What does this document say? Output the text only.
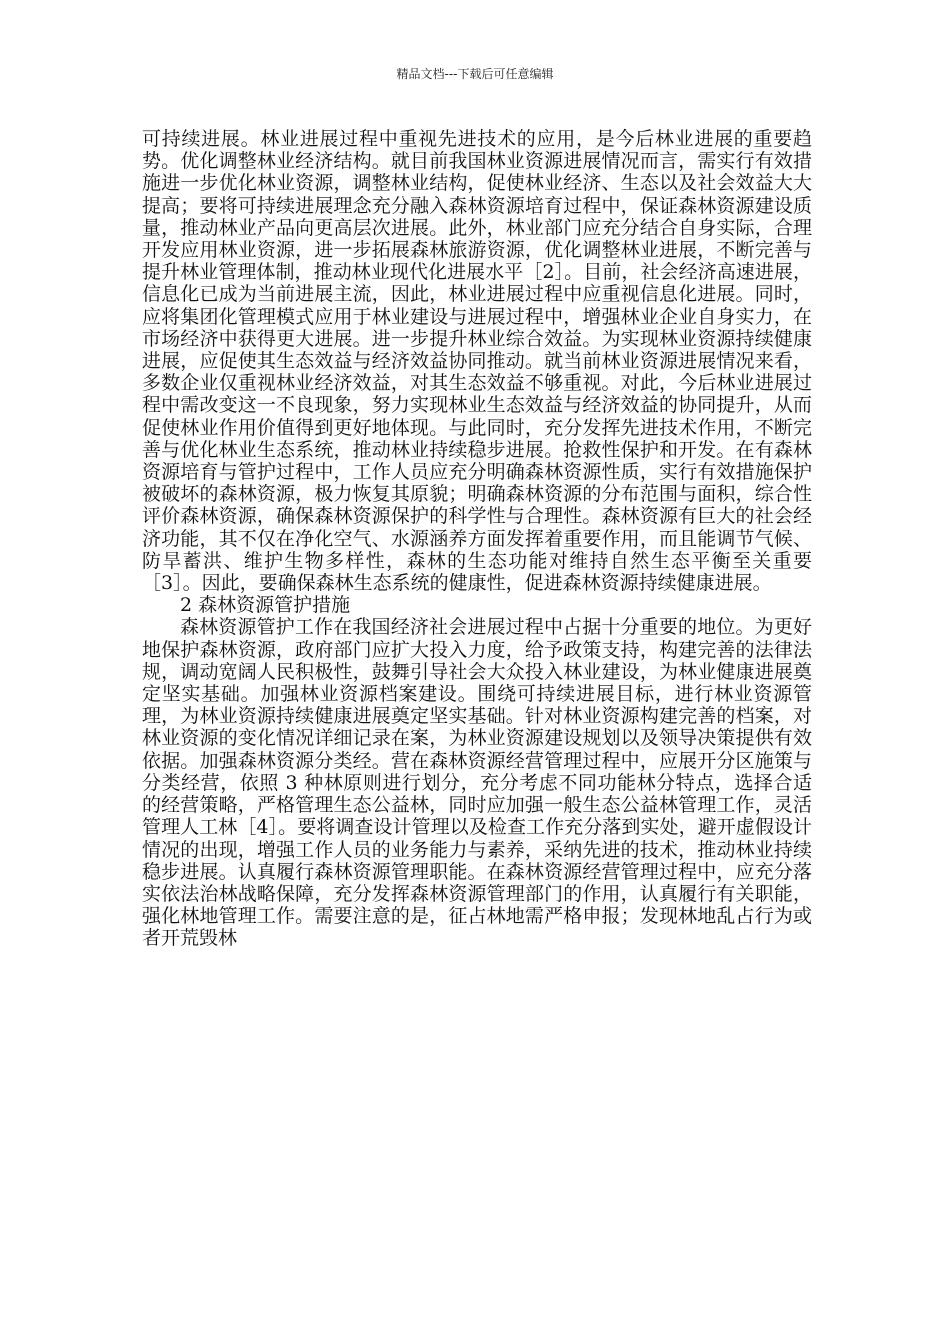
精品文档---下载后可任意编辑

可持续进展。林业进展过程中重视先进技术的应用，是今后林业进展的重要趋势。优化调整林业经济结构。就目前我国林业资源进展情况而言，需实行有效措施进一步优化林业资源，调整林业结构，促使林业经济、生态以及社会效益大大提高；要将可持续进展理念充分融入森林资源培育过程中，保证森林资源建设质量，推动林业产品向更高层次进展。此外，林业部门应充分结合自身实际，合理开发应用林业资源，进一步拓展森林旅游资源，优化调整林业进展，不断完善与提升林业管理体制，推动林业现代化进展水平［2］。目前，社会经济高速进展，信息化已成为当前进展主流，因此，林业进展过程中应重视信息化进展。同时，应将集团化管理模式应用于林业建设与进展过程中，增强林业企业自身实力，在市场经济中获得更大进展。进一步提升林业综合效益。为实现林业资源持续健康进展，应促使其生态效益与经济效益协同推动。就当前林业资源进展情况来看，多数企业仅重视林业经济效益，对其生态效益不够重视。对此，今后林业进展过程中需改变这一不良现象，努力实现林业生态效益与经济效益的协同提升，从而促使林业作用价值得到更好地体现。与此同时，充分发挥先进技术作用，不断完善与优化林业生态系统，推动林业持续稳步进展。抢救性保护和开发。在有森林资源培育与管护过程中，工作人员应充分明确森林资源性质，实行有效措施保护被破坏的森林资源，极力恢复其原貌；明确森林资源的分布范围与面积，综合性评价森林资源，确保森林资源保护的科学性与合理性。森林资源有巨大的社会经济功能，其不仅在净化空气、水源涵养方面发挥着重要作用，而且能调节气候、防旱蓄洪、维护生物多样性，森林的生态功能对维持自然生态平衡至关重要［3］。因此，要确保森林生态系统的健康性，促进森林资源持续健康进展。

2 森林资源管护措施

森林资源管护工作在我国经济社会进展过程中占据十分重要的地位。为更好地保护森林资源，政府部门应扩大投入力度，给予政策支持，构建完善的法律法规，调动宽阔人民积极性，鼓舞引导社会大众投入林业建设，为林业健康进展奠定坚实基础。加强林业资源档案建设。围绕可持续进展目标，进行林业资源管理，为林业资源持续健康进展奠定坚实基础。针对林业资源构建完善的档案，对林业资源的变化情况详细记录在案，为林业资源建设规划以及领导决策提供有效依据。加强森林资源分类经。营在森林资源经营管理过程中，应展开分区施策与分类经营，依照 3 种林原则进行划分，充分考虑不同功能林分特点，选择合适的经营策略，严格管理生态公益林，同时应加强一般生态公益林管理工作，灵活管理人工林［4］。要将调查设计管理以及检查工作充分落到实处，避开虚假设计情况的出现，增强工作人员的业务能力与素养，采纳先进的技术，推动林业持续稳步进展。认真履行森林资源管理职能。在森林资源经营管理过程中，应充分落实依法治林战略保障，充分发挥森林资源管理部门的作用，认真履行有关职能，强化林地管理工作。需要注意的是，征占林地需严格申报；发现林地乱占行为或者开荒毁林
